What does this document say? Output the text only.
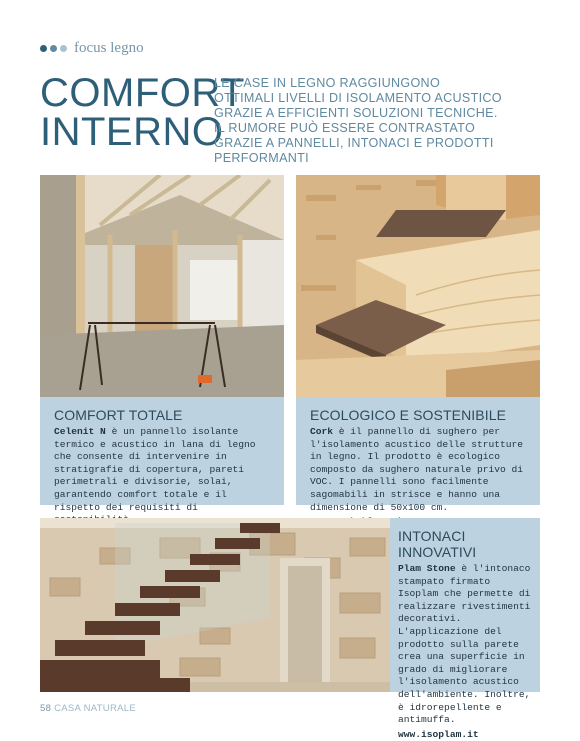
focus legno
COMFORT
INTERNO
LE CASE IN LEGNO RAGGIUNGONO OTTIMALI LIVELLI DI ISOLAMENTO ACUSTICO GRAZIE A EFFICIENTI SOLUZIONI TECNICHE. IL RUMORE PUÒ ESSERE CONTRASTATO GRAZIE A PANNELLI, INTONACI E PRODOTTI PERFORMANTI
COMFORT TOTALE
Celenit N è un pannello isolante termico e acustico in lana di legno che consente di intervenire in stratigrafie di copertura, pareti perimetrali e divisorie, solai, garantendo comfort totale e il rispetto dei requisiti di
ECOLOGICO E SOSTENIBILE
Cork è il pannello di sughero per l'isolamento acustico delle strutture in legno. Il prodotto è ecologico composto da sughero naturale privo di VOC. I pannelli sono facilmente sagomabili in strisce e hanno una dimensione di 50x100 cm.
INTONACI INNOVATIVI
Plam Stone è l'intonaco stampato firmato Isoplam che permette di realizzare rivestimenti decorativi. L'applicazione del prodotto sulla parete crea una superficie in grado di migliorare l'isolamento acustico dell'ambiente. Inoltre, è idrorepellente e antimuffa.
www.isoplam.it
58 CASA NATURALE
